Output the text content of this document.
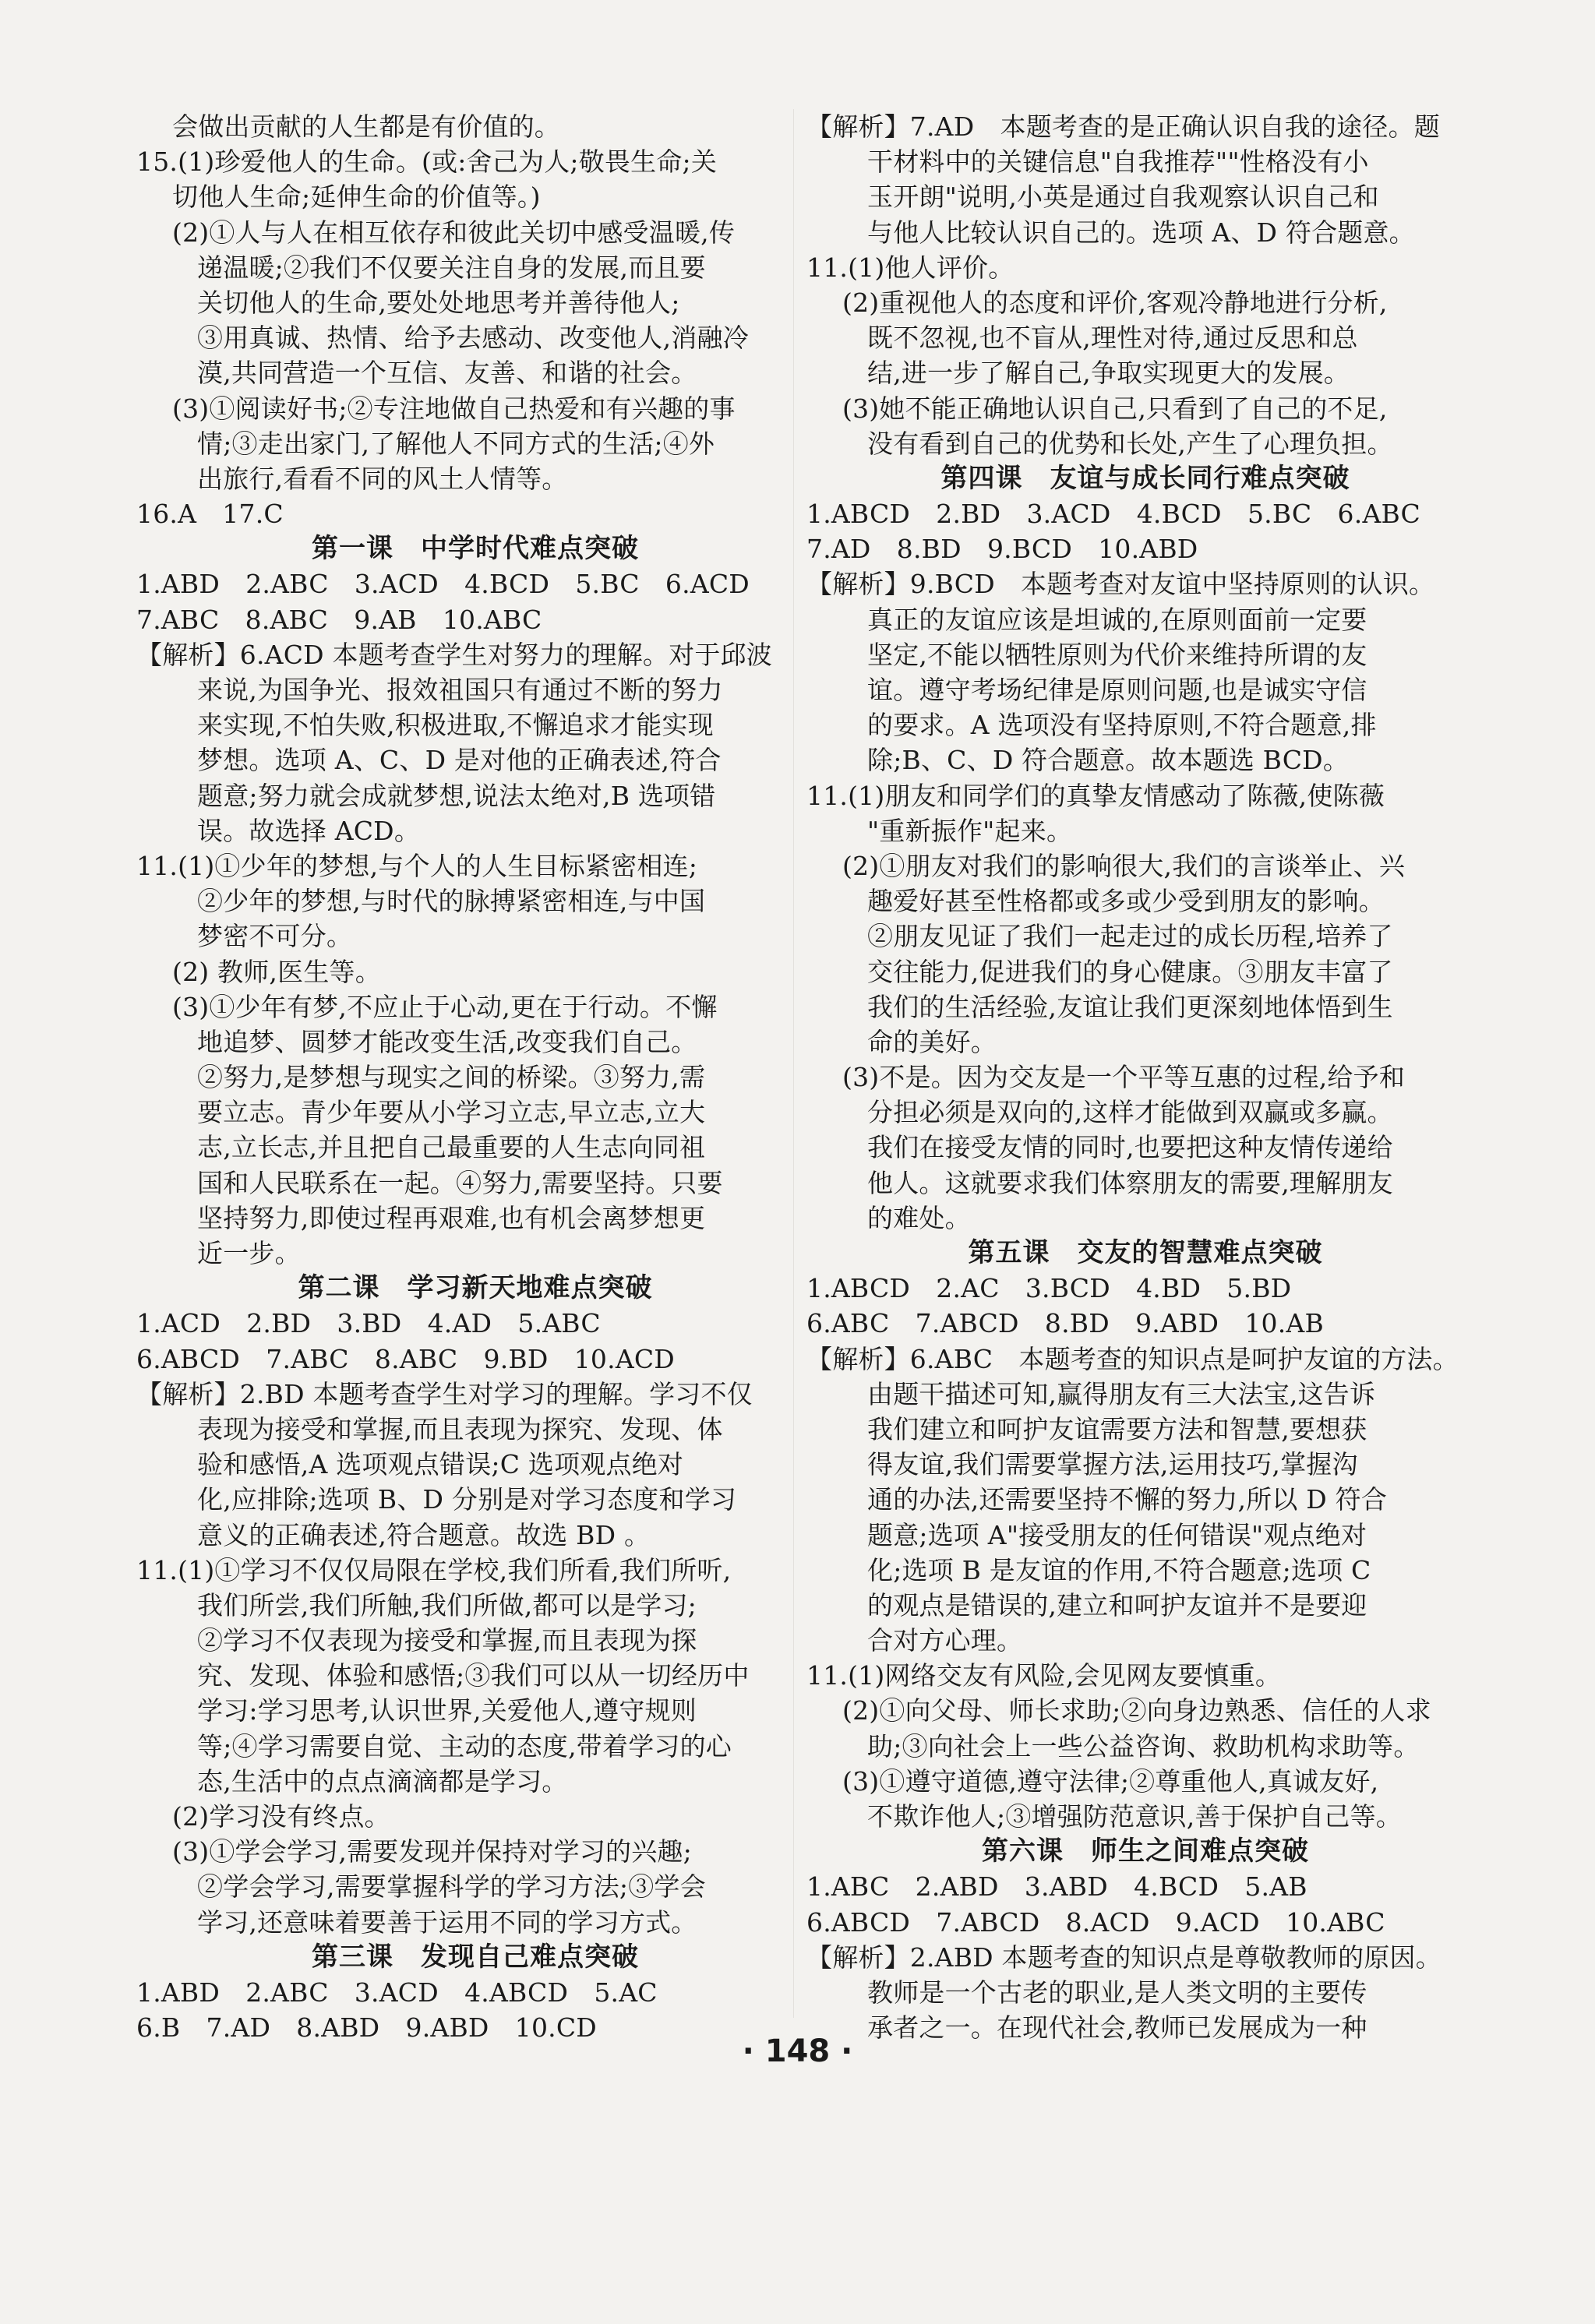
会做出贡献的人生都是有价值的。
15.(1)珍爱他人的生命。(或:舍己为人;敬畏生命;关
切他人生命;延伸生命的价值等。)
(2)①人与人在相互依存和彼此关切中感受温暖,传
递温暖;②我们不仅要关注自身的发展,而且要
关切他人的生命,要处处地思考并善待他人;
③用真诚、热情、给予去感动、改变他人,消融冷
漠,共同营造一个互信、友善、和谐的社会。
(3)①阅读好书;②专注地做自己热爱和有兴趣的事
情;③走出家门,了解他人不同方式的生活;④外
出旅行,看看不同的风土人情等。
16.A　17.C
第一课　中学时代难点突破
1.ABD　2.ABC　3.ACD　4.BCD　5.BC　6.ACD
7.ABC　8.ABC　9.AB　10.ABC
【解析】6.ACD 本题考查学生对努力的理解。对于邱波
来说,为国争光、报效祖国只有通过不断的努力
来实现,不怕失败,积极进取,不懈追求才能实现
梦想。选项 A、C、D 是对他的正确表述,符合
题意;努力就会成就梦想,说法太绝对,B 选项错
误。故选择 ACD。
11.(1)①少年的梦想,与个人的人生目标紧密相连;
②少年的梦想,与时代的脉搏紧密相连,与中国
梦密不可分。
(2) 教师,医生等。
(3)①少年有梦,不应止于心动,更在于行动。不懈
地追梦、圆梦才能改变生活,改变我们自己。
②努力,是梦想与现实之间的桥梁。③努力,需
要立志。青少年要从小学习立志,早立志,立大
志,立长志,并且把自己最重要的人生志向同祖
国和人民联系在一起。④努力,需要坚持。只要
坚持努力,即使过程再艰难,也有机会离梦想更
近一步。
第二课　学习新天地难点突破
1.ACD　2.BD　3.BD　4.AD　5.ABC
6.ABCD　7.ABC　8.ABC　9.BD　10.ACD
【解析】2.BD 本题考查学生对学习的理解。学习不仅
表现为接受和掌握,而且表现为探究、发现、体
验和感悟,A 选项观点错误;C 选项观点绝对
化,应排除;选项 B、D 分别是对学习态度和学习
意义的正确表述,符合题意。故选 BD 。
11.(1)①学习不仅仅局限在学校,我们所看,我们所听,
我们所尝,我们所触,我们所做,都可以是学习;
②学习不仅表现为接受和掌握,而且表现为探
究、发现、体验和感悟;③我们可以从一切经历中
学习:学习思考,认识世界,关爱他人,遵守规则
等;④学习需要自觉、主动的态度,带着学习的心
态,生活中的点点滴滴都是学习。
(2)学习没有终点。
(3)①学会学习,需要发现并保持对学习的兴趣;
②学会学习,需要掌握科学的学习方法;③学会
学习,还意味着要善于运用不同的学习方式。
第三课　发现自己难点突破
1.ABD　2.ABC　3.ACD　4.ABCD　5.AC
6.B　7.AD　8.ABD　9.ABD　10.CD
【解析】7.AD　本题考查的是正确认识自我的途径。题
干材料中的关键信息"自我推荐""性格没有小
玉开朗"说明,小英是通过自我观察认识自己和
与他人比较认识自己的。选项 A、D 符合题意。
11.(1)他人评价。
(2)重视他人的态度和评价,客观冷静地进行分析,
既不忽视,也不盲从,理性对待,通过反思和总
结,进一步了解自己,争取实现更大的发展。
(3)她不能正确地认识自己,只看到了自己的不足,
没有看到自己的优势和长处,产生了心理负担。
第四课　友谊与成长同行难点突破
1.ABCD　2.BD　3.ACD　4.BCD　5.BC　6.ABC
7.AD　8.BD　9.BCD　10.ABD
【解析】9.BCD　本题考查对友谊中坚持原则的认识。
真正的友谊应该是坦诚的,在原则面前一定要
坚定,不能以牺牲原则为代价来维持所谓的友
谊。遵守考场纪律是原则问题,也是诚实守信
的要求。A 选项没有坚持原则,不符合题意,排
除;B、C、D 符合题意。故本题选 BCD。
11.(1)朋友和同学们的真挚友情感动了陈薇,使陈薇
"重新振作"起来。
(2)①朋友对我们的影响很大,我们的言谈举止、兴
趣爱好甚至性格都或多或少受到朋友的影响。
②朋友见证了我们一起走过的成长历程,培养了
交往能力,促进我们的身心健康。③朋友丰富了
我们的生活经验,友谊让我们更深刻地体悟到生
命的美好。
(3)不是。因为交友是一个平等互惠的过程,给予和
分担必须是双向的,这样才能做到双赢或多赢。
我们在接受友情的同时,也要把这种友情传递给
他人。这就要求我们体察朋友的需要,理解朋友
的难处。
第五课　交友的智慧难点突破
1.ABCD　2.AC　3.BCD　4.BD　5.BD
6.ABC　7.ABCD　8.BD　9.ABD　10.AB
【解析】6.ABC　本题考查的知识点是呵护友谊的方法。
由题干描述可知,赢得朋友有三大法宝,这告诉
我们建立和呵护友谊需要方法和智慧,要想获
得友谊,我们需要掌握方法,运用技巧,掌握沟
通的办法,还需要坚持不懈的努力,所以 D 符合
题意;选项 A"接受朋友的任何错误"观点绝对
化;选项 B 是友谊的作用,不符合题意;选项 C
的观点是错误的,建立和呵护友谊并不是要迎
合对方心理。
11.(1)网络交友有风险,会见网友要慎重。
(2)①向父母、师长求助;②向身边熟悉、信任的人求
助;③向社会上一些公益咨询、救助机构求助等。
(3)①遵守道德,遵守法律;②尊重他人,真诚友好,
不欺诈他人;③增强防范意识,善于保护自己等。
第六课　师生之间难点突破
1.ABC　2.ABD　3.ABD　4.BCD　5.AB
6.ABCD　7.ABCD　8.ACD　9.ACD　10.ABC
【解析】2.ABD 本题考查的知识点是尊敬教师的原因。
教师是一个古老的职业,是人类文明的主要传
承者之一。在现代社会,教师已发展成为一种
· 148 ·
